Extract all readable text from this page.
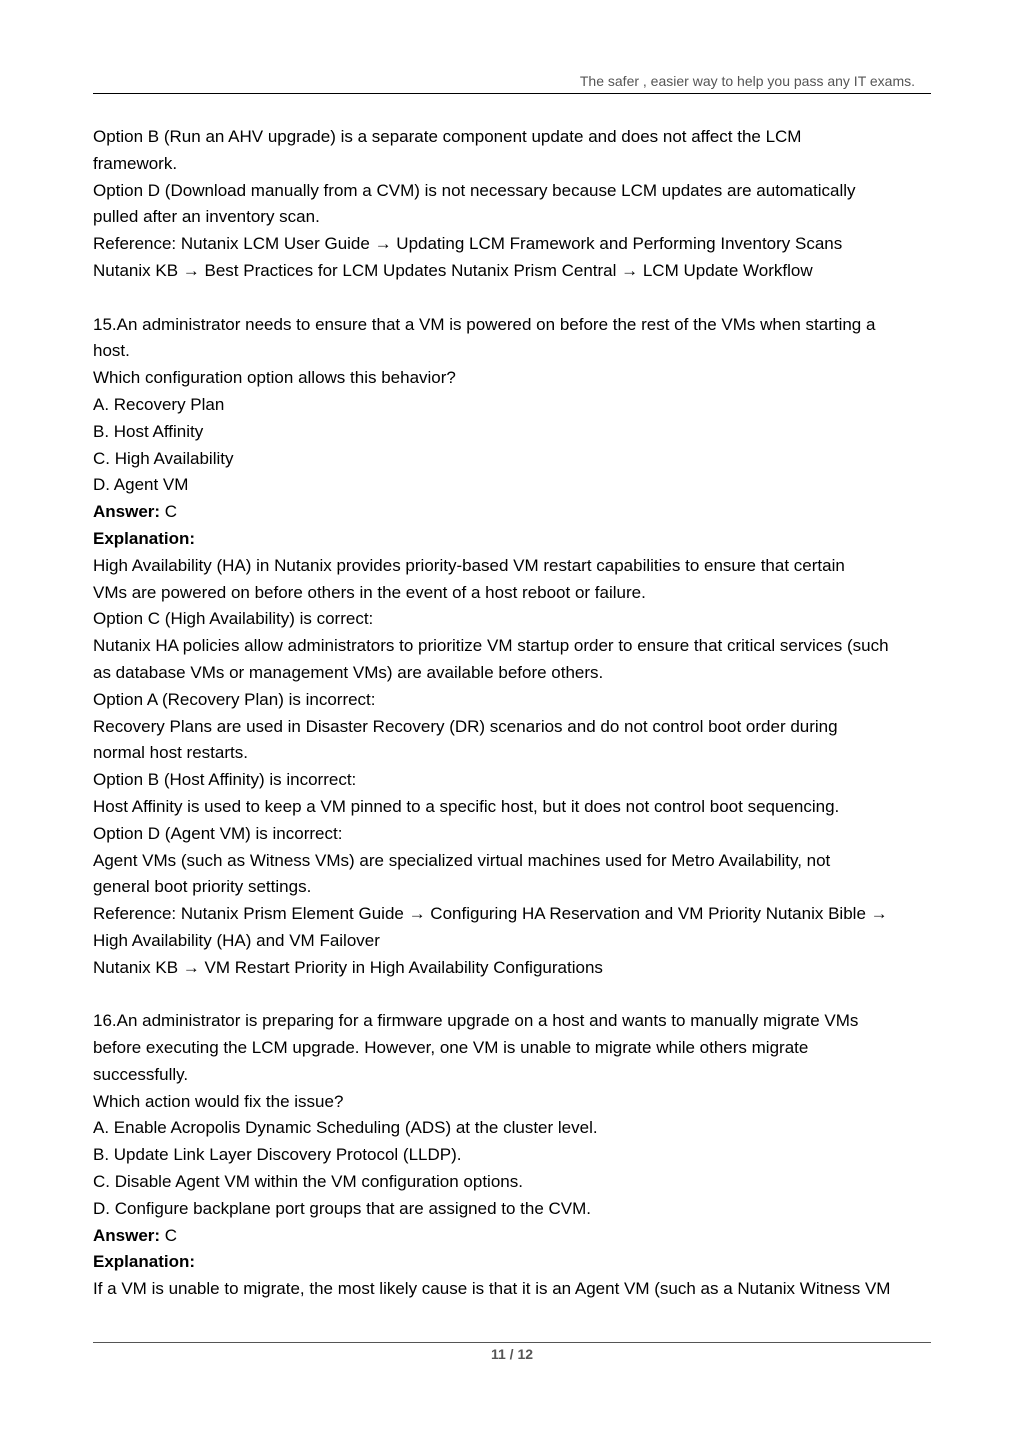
The safer , easier way to help you pass any IT exams.
Option B (Run an AHV upgrade) is a separate component update and does not affect the LCM
framework.
Option D (Download manually from a CVM) is not necessary because LCM updates are automatically
pulled after an inventory scan.
Reference: Nutanix LCM User Guide → Updating LCM Framework and Performing Inventory Scans
Nutanix KB → Best Practices for LCM Updates Nutanix Prism Central → LCM Update Workflow
15.An administrator needs to ensure that a VM is powered on before the rest of the VMs when starting a
host.
Which configuration option allows this behavior?
A. Recovery Plan
B. Host Affinity
C. High Availability
D. Agent VM
Answer: C
Explanation:
High Availability (HA) in Nutanix provides priority-based VM restart capabilities to ensure that certain
VMs are powered on before others in the event of a host reboot or failure.
Option C (High Availability) is correct:
Nutanix HA policies allow administrators to prioritize VM startup order to ensure that critical services (such
as database VMs or management VMs) are available before others.
Option A (Recovery Plan) is incorrect:
Recovery Plans are used in Disaster Recovery (DR) scenarios and do not control boot order during
normal host restarts.
Option B (Host Affinity) is incorrect:
Host Affinity is used to keep a VM pinned to a specific host, but it does not control boot sequencing.
Option D (Agent VM) is incorrect:
Agent VMs (such as Witness VMs) are specialized virtual machines used for Metro Availability, not
general boot priority settings.
Reference: Nutanix Prism Element Guide → Configuring HA Reservation and VM Priority Nutanix Bible →
High Availability (HA) and VM Failover
Nutanix KB → VM Restart Priority in High Availability Configurations
16.An administrator is preparing for a firmware upgrade on a host and wants to manually migrate VMs
before executing the LCM upgrade. However, one VM is unable to migrate while others migrate
successfully.
Which action would fix the issue?
A. Enable Acropolis Dynamic Scheduling (ADS) at the cluster level.
B. Update Link Layer Discovery Protocol (LLDP).
C. Disable Agent VM within the VM configuration options.
D. Configure backplane port groups that are assigned to the CVM.
Answer: C
Explanation:
If a VM is unable to migrate, the most likely cause is that it is an Agent VM (such as a Nutanix Witness VM
11 / 12
